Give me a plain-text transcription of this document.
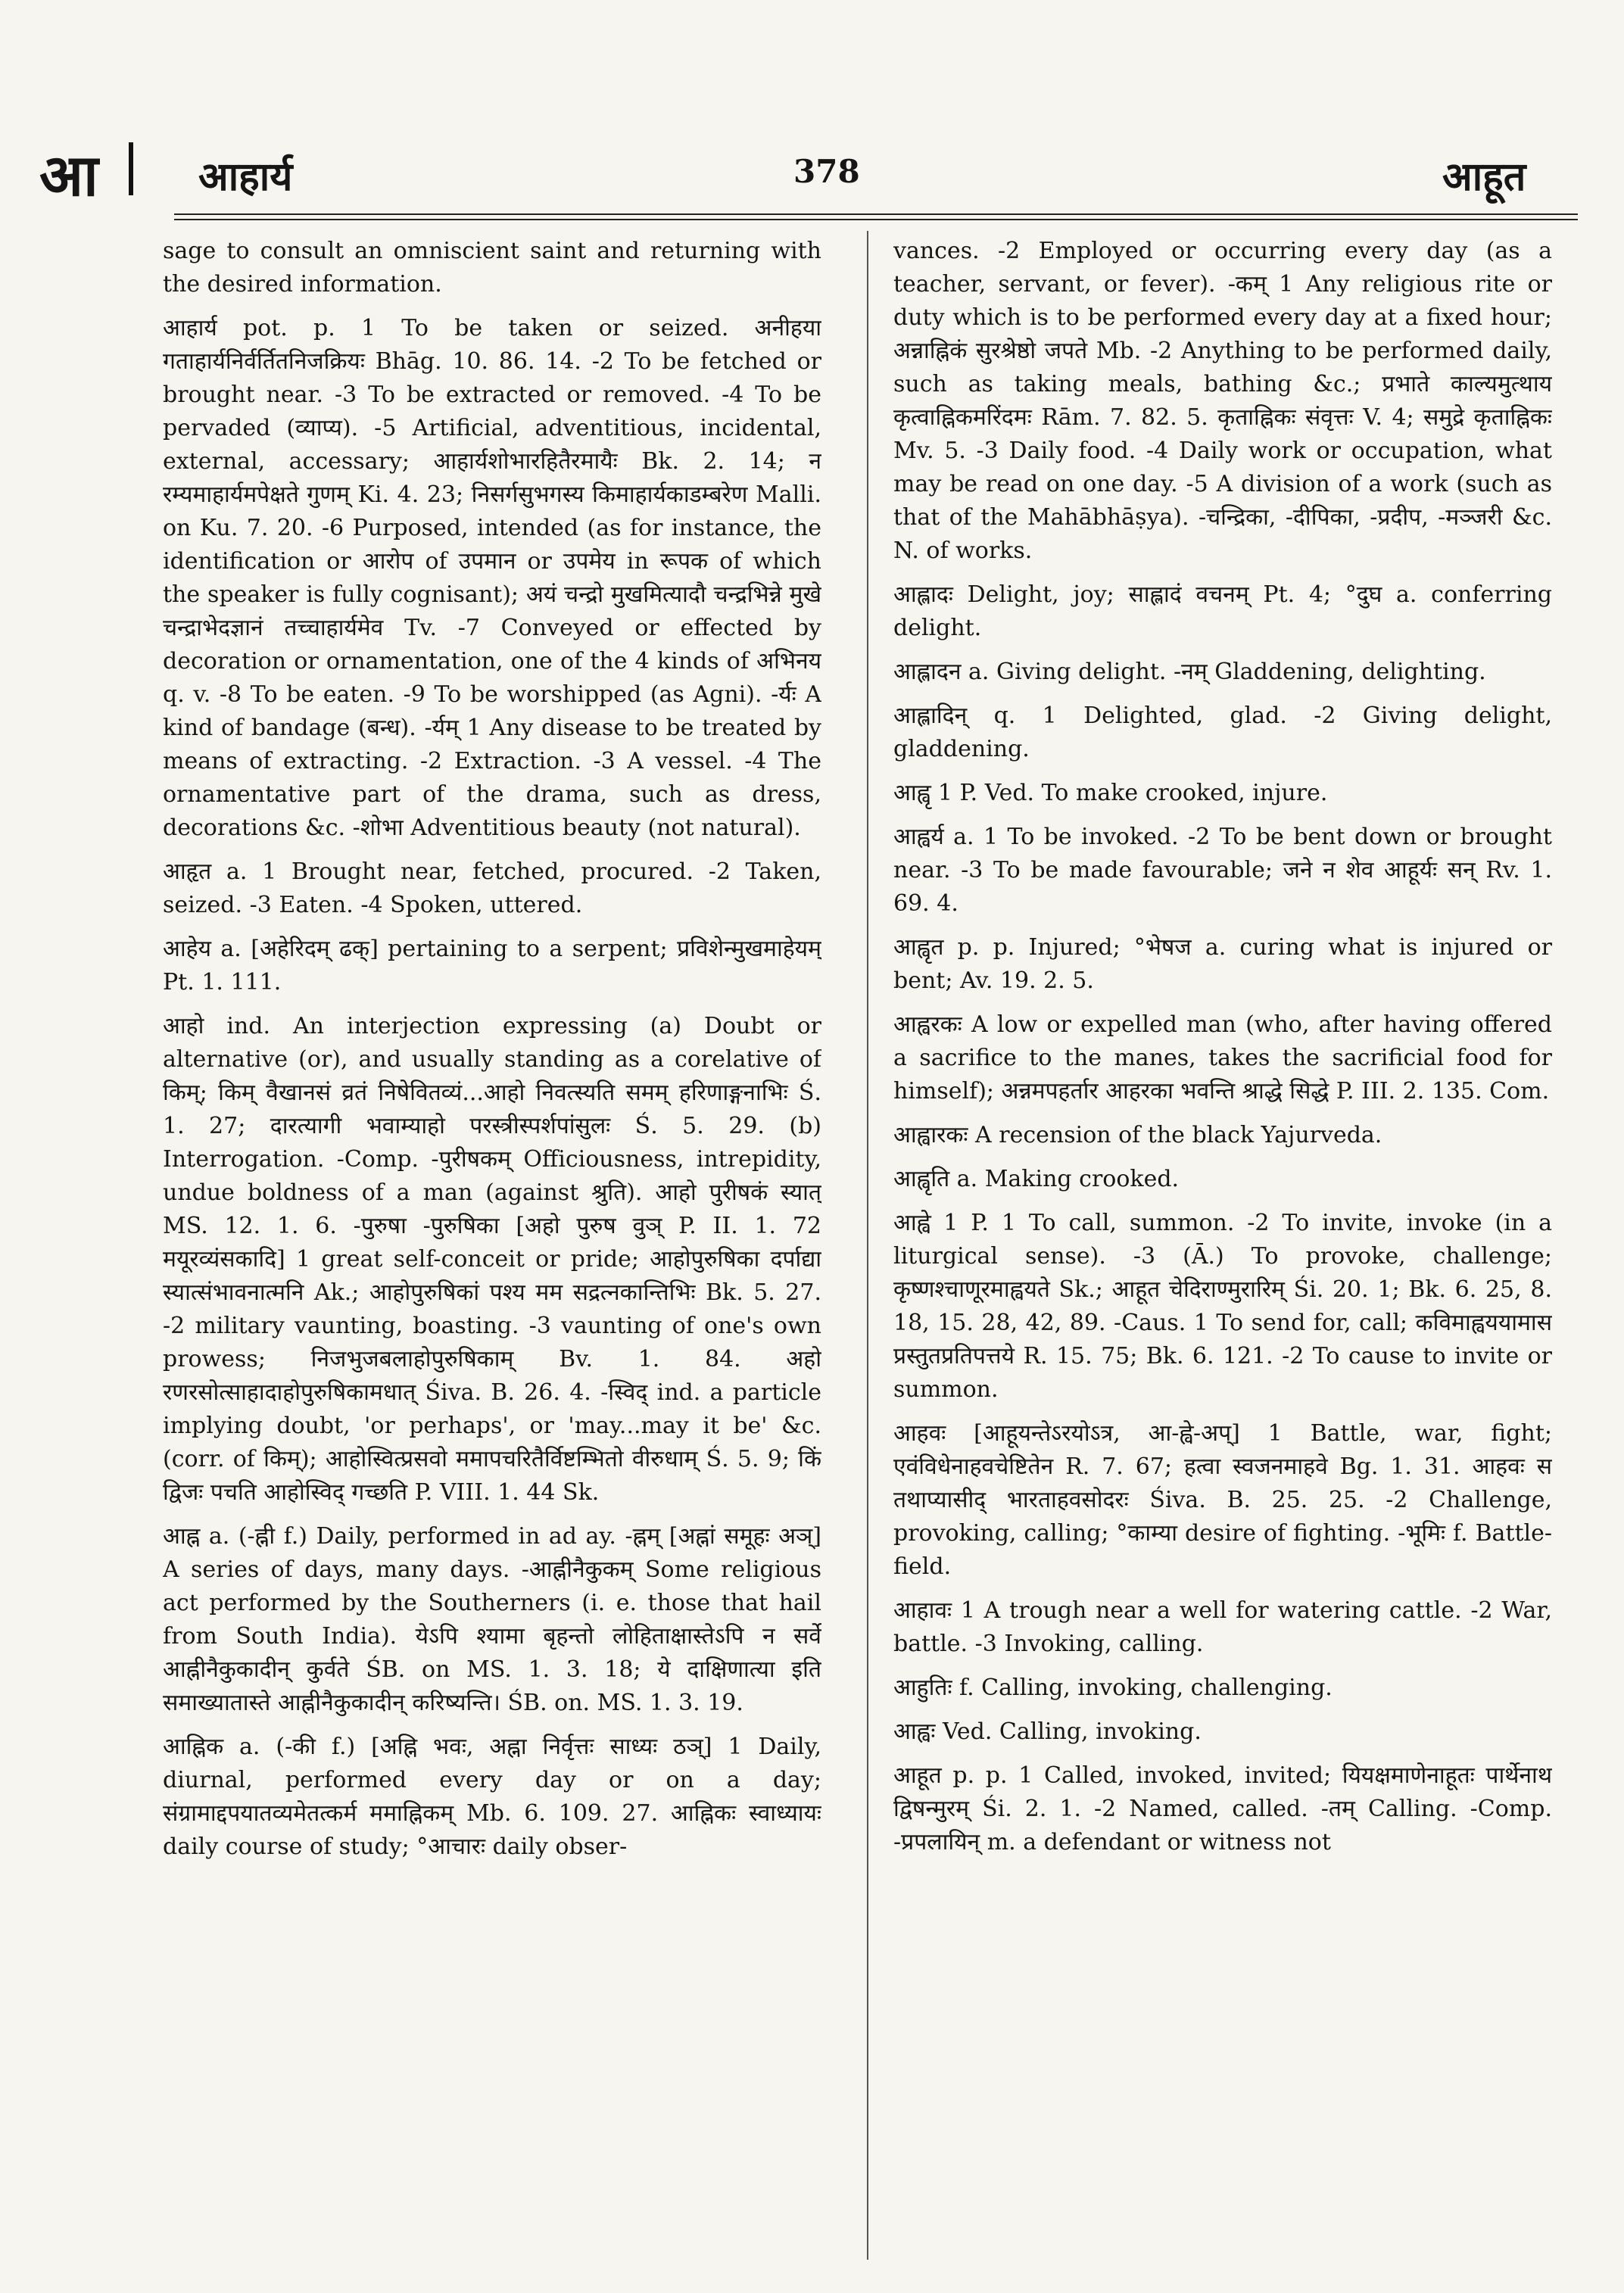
आ	आहार्य	378	आहूत

sage to consult an omniscient saint and returning with the desired information.

आहार्य pot. p. 1 To be taken or seized. अनीहया गताहार्यनिर्वर्तितनिजक्रियः Bhāg. 10. 86. 14. -2 To be fetched or brought near. -3 To be extracted or removed. -4 To be pervaded (व्याप्य). -5 Artificial, adventitious, incidental, external, accessary; आहार्यशोभारहितैरमायैः Bk. 2. 14; न रम्यमाहार्यमपेक्षते गुणम् Ki. 4. 23; निसर्गसुभगस्य किमाहार्यकाडम्बरेण Malli. on Ku. 7. 20. -6 Purposed, intended (as for instance, the identification or आरोप of उपमान or उपमेय in रूपक of which the speaker is fully cognisant); अयं चन्द्रो मुखमित्यादौ चन्द्रभिन्ने मुखे चन्द्राभेदज्ञानं तच्चाहार्यमेव Tv. -7 Conveyed or effected by decoration or ornamentation, one of the 4 kinds of अभिनय q. v. -8 To be eaten. -9 To be worshipped (as Agni). -र्यः A kind of bandage (बन्ध). -र्यम् 1 Any disease to be treated by means of extracting. -2 Extraction. -3 A vessel. -4 The ornamentative part of the drama, such as dress, decorations &c. -शोभा Adventitious beauty (not natural).

आहृत a. 1 Brought near, fetched, procured. -2 Taken, seized. -3 Eaten. -4 Spoken, uttered.

आहेय a. [अहेरिदम् ढक्] pertaining to a serpent; प्रविशेन्मुखमाहेयम् Pt. 1. 111.

आहो ind. An interjection expressing (a) Doubt or alternative (or), and usually standing as a corelative of किम्; किम् वैखानसं व्रतं निषेवितव्यं...आहो निवत्स्यति समम् हरिणाङ्गनाभिः Ś. 1. 27; दारत्यागी भवाम्याहो परस्त्रीस्पर्शपांसुलः Ś. 5. 29. (b) Interrogation. -Comp. -पुरीषकम् Officiousness, intrepidity, undue boldness of a man (against श्रुति). आहो पुरीषकं स्यात् MS. 12. 1. 6. -पुरुषा -पुरुषिका [अहो पुरुष वुञ् P. II. 1. 72 मयूरव्यंसकादि] 1 great self-conceit or pride; आहोपुरुषिका दर्पाद्या स्यात्संभावनात्मनि Ak.; आहोपुरुषिकां पश्य मम सद्रत्नकान्तिभिः Bk. 5. 27. -2 military vaunting, boasting. -3 vaunting of one's own prowess; निजभुजबलाहोपुरुषिकाम् Bv. 1. 84. अहो रणरसोत्साहादाहोपुरुषिकामधात् Śiva. B. 26. 4. -स्विद् ind. a particle implying doubt, 'or perhaps', or 'may...may it be' &c. (corr. of किम्); आहोस्वित्प्रसवो ममापचरितैर्विष्टम्भितो वीरुधाम् Ś. 5. 9; किं द्विजः पचति आहोस्विद् गच्छति P. VIII. 1. 44 Sk.

आह्न a. (-ह्नी f.) Daily, performed in ad ay. -ह्नम् [अह्नां समूहः अञ्] A series of days, many days. -आह्नीनैकुकम् Some religious act performed by the Southerners (i. e. those that hail from South India). येऽपि श्यामा बृहन्तो लोहिताक्षास्तेऽपि न सर्वे आह्नीनैकुकादीन् कुर्वते ŚB. on MS. 1. 3. 18; ये दाक्षिणात्या इति समाख्यातास्ते आह्नीनैकुकादीन् करिष्यन्ति। ŚB. on. MS. 1. 3. 19.

आह्निक a. (-की f.) [अह्नि भवः, अह्ना निर्वृत्तः साध्यः ठञ्] 1 Daily, diurnal, performed every day or on a day; संग्रामाद्दपयातव्यमेतत्कर्म ममाह्निकम् Mb. 6. 109. 27. आह्निकः स्वाध्यायः daily course of study; °आचारः daily obser-

vances. -2 Employed or occurring every day (as a teacher, servant, or fever). -कम् 1 Any religious rite or duty which is to be performed every day at a fixed hour; अन्नाह्निकं सुरश्रेष्ठो जपते Mb. -2 Anything to be performed daily, such as taking meals, bathing &c.; प्रभाते काल्यमुत्थाय कृत्वाह्निकमरिंदमः Rām. 7. 82. 5. कृताह्निकः संवृत्तः V. 4; समुद्रे कृताह्निकः Mv. 5. -3 Daily food. -4 Daily work or occupation, what may be read on one day. -5 A division of a work (such as that of the Mahābhāṣya). -चन्द्रिका, -दीपिका, -प्रदीप, -मञ्जरी &c. N. of works.

आह्लादः Delight, joy; साह्लादं वचनम् Pt. 4; °दुघ a. conferring delight.

आह्लादन a. Giving delight. -नम् Gladdening, delighting.

आह्लादिन् q. 1 Delighted, glad. -2 Giving delight, gladdening.

आह्वृ 1 P. Ved. To make crooked, injure.

आह्वर्य a. 1 To be invoked. -2 To be bent down or brought near. -3 To be made favourable; जने न शेव आहूर्यः सन् Rv. 1. 69. 4.

आह्वृत p. p. Injured; °भेषज a. curing what is injured or bent; Av. 19. 2. 5.

आह्वरकः A low or expelled man (who, after having offered a sacrifice to the manes, takes the sacrificial food for himself); अन्नमपहर्तार आहरका भवन्ति श्राद्धे सिद्धे P. III. 2. 135. Com.

आह्वारकः A recension of the black Yajurveda.

आह्वृति a. Making crooked.

आह्वे 1 P. 1 To call, summon. -2 To invite, invoke (in a liturgical sense). -3 (Ā.) To provoke, challenge; कृष्णश्चाणूरमाह्वयते Sk.; आहूत चेदिराण्मुरारिम् Śi. 20. 1; Bk. 6. 25, 8. 18, 15. 28, 42, 89. -Caus. 1 To send for, call; कविमाह्वययामास प्रस्तुतप्रतिपत्तये R. 15. 75; Bk. 6. 121. -2 To cause to invite or summon.

आहवः [आहूयन्तेऽरयोऽत्र, आ-ह्वे-अप्] 1 Battle, war, fight; एवंविधेनाहवचेष्टितेन R. 7. 67; हत्वा स्वजनमाहवे Bg. 1. 31. आहवः स तथाप्यासीद् भारताहवसोदरः Śiva. B. 25. 25. -2 Challenge, provoking, calling; °काम्या desire of fighting. -भूमिः f. Battle-field.

आहावः 1 A trough near a well for watering cattle. -2 War, battle. -3 Invoking, calling.

आहुतिः f. Calling, invoking, challenging.

आह्वः Ved. Calling, invoking.

आहूत p. p. 1 Called, invoked, invited; यियक्षमाणेनाहूतः पार्थेनाथ द्विषन्मुरम् Śi. 2. 1. -2 Named, called. -तम् Calling. -Comp. -प्रपलायिन् m. a defendant or witness not
